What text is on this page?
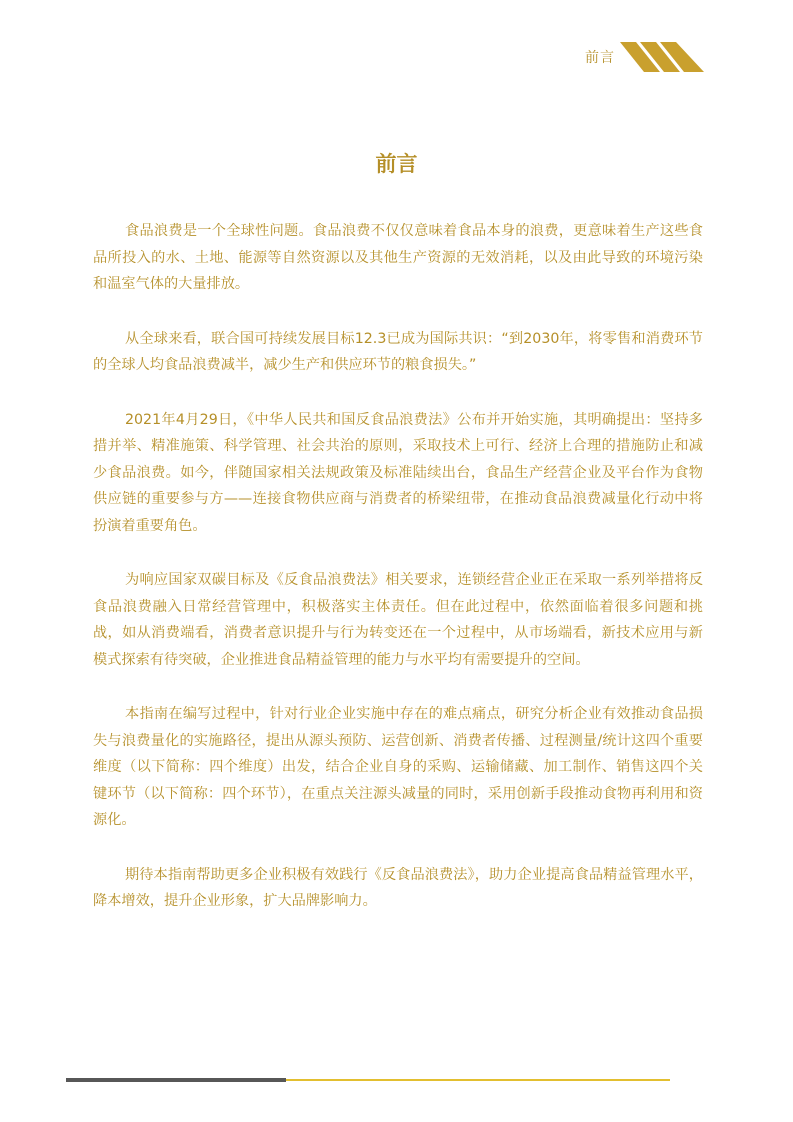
前言
前言

食品浪费是一个全球性问题。食品浪费不仅仅意味着食品本身的浪费，更意味着生产这些食品所投入的水、土地、能源等自然资源以及其他生产资源的无效消耗，以及由此导致的环境污染和温室气体的大量排放。

从全球来看，联合国可持续发展目标12.3已成为国际共识：“到2030年，将零售和消费环节的全球人均食品浪费减半，减少生产和供应环节的粮食损失。”

2021年4月29日，《中华人民共和国反食品浪费法》公布并开始实施，其明确提出：坚持多措并举、精准施策、科学管理、社会共治的原则，采取技术上可行、经济上合理的措施防止和减少食品浪费。如今，伴随国家相关法规政策及标准陆续出台，食品生产经营企业及平台作为食物供应链的重要参与方——连接食物供应商与消费者的桥梁纽带，在推动食品浪费减量化行动中将扮演着重要角色。

为响应国家双碳目标及《反食品浪费法》相关要求，连锁经营企业正在采取一系列举措将反食品浪费融入日常经营管理中，积极落实主体责任。但在此过程中，依然面临着很多问题和挑战，如从消费端看，消费者意识提升与行为转变还在一个过程中，从市场端看，新技术应用与新模式探索有待突破，企业推进食品精益管理的能力与水平均有需要提升的空间。

本指南在编写过程中，针对行业企业实施中存在的难点痛点，研究分析企业有效推动食品损失与浪费量化的实施路径，提出从源头预防、运营创新、消费者传播、过程测量/统计这四个重要维度（以下简称：四个维度）出发，结合企业自身的采购、运输储藏、加工制作、销售这四个关键环节（以下简称：四个环节），在重点关注源头减量的同时，采用创新手段推动食物再利用和资源化。

期待本指南帮助更多企业积极有效践行《反食品浪费法》，助力企业提高食品精益管理水平，降本增效，提升企业形象，扩大品牌影响力。
